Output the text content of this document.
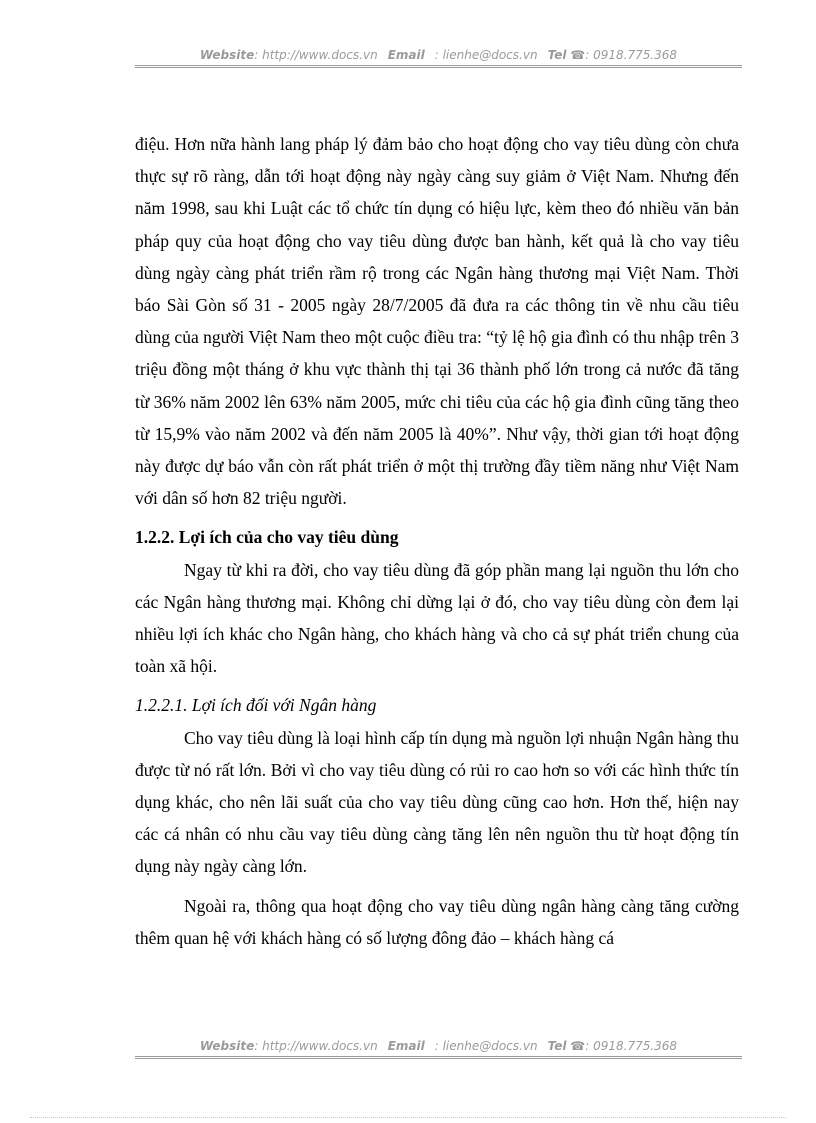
Website: http://www.docs.vn Email : lienhe@docs.vn Tel ☎: 0918.775.368

điệu. Hơn nữa hành lang pháp lý đảm bảo cho hoạt động cho vay tiêu dùng còn chưa thực sự rõ ràng, dẫn tới hoạt động này ngày càng suy giảm ở Việt Nam. Nhưng đến năm 1998, sau khi Luật các tổ chức tín dụng có hiệu lực, kèm theo đó nhiều văn bản pháp quy của hoạt động cho vay tiêu dùng được ban hành, kết quả là cho vay tiêu dùng ngày càng phát triển rầm rộ trong các Ngân hàng thương mại Việt Nam. Thời báo Sài Gòn số 31 - 2005 ngày 28/7/2005 đã đưa ra các thông tin về nhu cầu tiêu dùng của người Việt Nam theo một cuộc điều tra: “tỷ lệ hộ gia đình có thu nhập trên 3 triệu đồng một tháng ở khu vực thành thị tại 36 thành phố lớn trong cả nước đã tăng từ 36% năm 2002 lên 63% năm 2005, mức chi tiêu của các hộ gia đình cũng tăng theo từ 15,9% vào năm 2002 và đến năm 2005 là 40%”. Như vậy, thời gian tới hoạt động này được dự báo vẫn còn rất phát triển ở một thị trường đầy tiềm năng như Việt Nam với dân số hơn 82 triệu người.

1.2.2. Lợi ích của cho vay tiêu dùng

Ngay từ khi ra đời, cho vay tiêu dùng đã góp phần mang lại nguồn thu lớn cho các Ngân hàng thương mại. Không chỉ dừng lại ở đó, cho vay tiêu dùng còn đem lại nhiều lợi ích khác cho Ngân hàng, cho khách hàng và cho cả sự phát triển chung của toàn xã hội.

1.2.2.1. Lợi ích đối với Ngân hàng

Cho vay tiêu dùng là loại hình cấp tín dụng mà nguồn lợi nhuận Ngân hàng thu được từ nó rất lớn. Bởi vì cho vay tiêu dùng có rủi ro cao hơn so với các hình thức tín dụng khác, cho nên lãi suất của cho vay tiêu dùng cũng cao hơn. Hơn thế, hiện nay các cá nhân có nhu cầu vay tiêu dùng càng tăng lên nên nguồn thu từ hoạt động tín dụng này ngày càng lớn.

Ngoài ra, thông qua hoạt động cho vay tiêu dùng ngân hàng càng tăng cường thêm quan hệ với khách hàng có số lượng đông đảo – khách hàng cá

Website: http://www.docs.vn Email : lienhe@docs.vn Tel ☎: 0918.775.368
